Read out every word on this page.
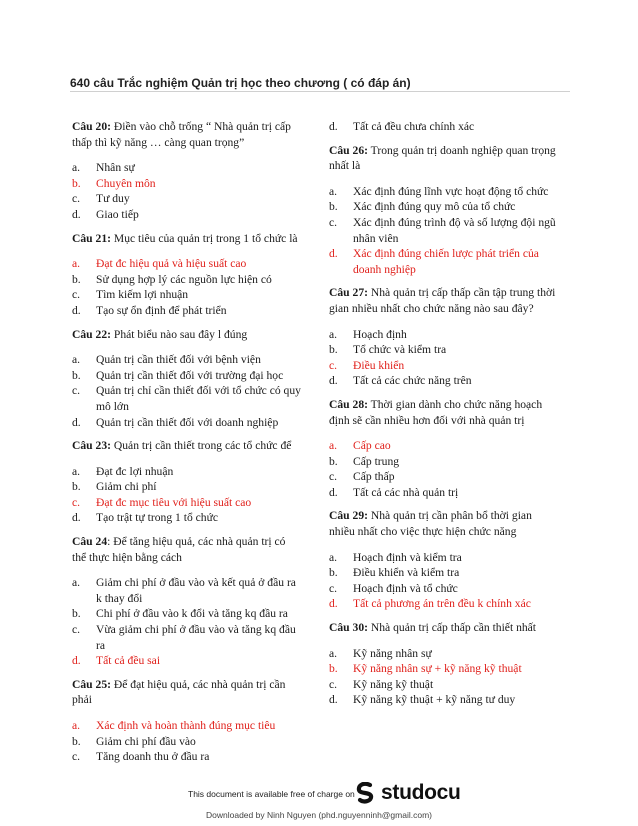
640 câu Trắc nghiệm Quản trị học theo chương ( có đáp án)

Câu 20: Điền vào chỗ trống “ Nhà quản trị cấp thấp thì kỹ năng … càng quan trọng”

a.	Nhân sự
b.	Chuyên môn
c.	Tư duy
d.	Giao tiếp

Câu 21: Mục tiêu của quản trị trong 1 tổ chức là

a.	Đạt đc hiệu quả và hiệu suất cao
b.	Sử dụng hợp lý các nguồn lực hiện có
c.	Tìm kiếm lợi nhuận
d.	Tạo sự ổn định để phát triển

Câu 22: Phát biểu nào sau đây l đúng

a.	Quản trị cần thiết đối với bệnh viện
b.	Quản trị cần thiết đối với trường đại học
c.	Quản trị chỉ cần thiết đối với tổ chức có quy mô lớn
d.	Quản trị cần thiết đối với doanh nghiệp

Câu 23: Quản trị cần thiết trong các tổ chức để

a.	Đạt đc lợi nhuận
b.	Giảm chi phí
c.	Đạt đc mục tiêu với hiệu suất cao
d.	Tạo trật tự trong 1 tổ chức

Câu 24: Để tăng hiệu quả, các nhà quản trị có thể thực hiện bằng cách

a.	Giảm chi phí ở đầu vào và kết quả ở đầu ra k thay đổi
b.	Chi phí ở đầu vào k đổi và tăng kq đầu ra
c.	Vừa giảm chi phí ở đầu vào và tăng kq đầu ra
d.	Tất cả đều sai

Câu 25: Để đạt hiệu quả, các nhà quản trị cần phải

a.	Xác định và hoàn thành đúng mục tiêu
b.	Giảm chi phí đầu vào
c.	Tăng doanh thu ở đầu ra
d. Tất cả đều chưa chính xác

Câu 26: Trong quản trị doanh nghiệp quan trọng nhất là

a.	Xác định đúng lĩnh vực hoạt động tổ chức
b.	Xác định đúng quy mô của tổ chức
c.	Xác định đúng trình độ và số lượng đội ngũ nhân viên
d.	Xác định đúng chiến lược phát triển của doanh nghiệp

Câu 27: Nhà quản trị cấp thấp cần tập trung thời gian nhiều nhất cho chức năng nào sau đây?

a.	Hoạch định
b.	Tổ chức và kiểm tra
c.	Điều khiển
d.	Tất cả các chức năng trên

Câu 28: Thời gian dành cho chức năng hoạch định sẽ cần nhiều hơn đối với nhà quản trị

a.	Cấp cao
b.	Cấp trung
c.	Cấp thấp
d.	Tất cả các nhà quản trị

Câu 29: Nhà quản trị cần phân bổ thời gian nhiều nhất cho việc thực hiện chức năng

a.	Hoạch định và kiểm tra
b.	Điều khiển và kiểm tra
c.	Hoạch định và tổ chức
d.	Tất cả phương án trên đều k chính xác

Câu 30: Nhà quản trị cấp thấp cần thiết nhất

a.	Kỹ năng nhân sự
b.	Kỹ năng nhân sự + kỹ năng kỹ thuật
c.	Kỹ năng kỹ thuật
d.	Kỹ năng kỹ thuật + kỹ năng tư duy
This document is available free of charge on studocu
Downloaded by Ninh Nguyen (phd.nguyenninh@gmail.com)
